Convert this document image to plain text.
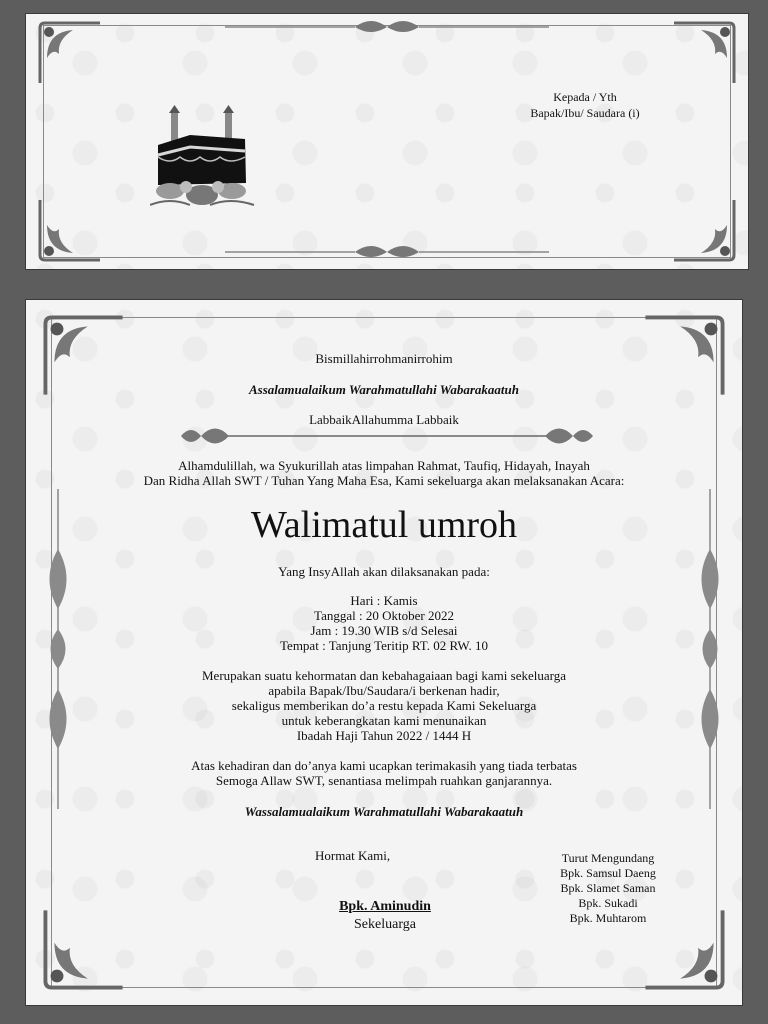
Kepada / Yth
Bapak/Ibu/ Saudara (i)
Bismillahirrohmanirrohim
Assalamualaikum Warahmatullahi Wabarakaatuh
LabbaikAllahumma Labbaik
Alhamdulillah, wa Syukurillah atas limpahan Rahmat, Taufiq, Hidayah, Inayah
Dan Ridha Allah SWT / Tuhan Yang Maha Esa, Kami sekeluarga akan melaksanakan Acara:
Walimatul umroh
Yang InsyAllah akan dilaksanakan pada:
Hari : Kamis
Tanggal : 20 Oktober 2022
Jam : 19.30 WIB s/d Selesai
Tempat : Tanjung Teritip RT. 02 RW. 10
Merupakan suatu kehormatan dan kebahagaiaan bagi kami sekeluarga
apabila Bapak/Ibu/Saudara/i berkenan hadir,
sekaligus memberikan do’a restu kepada Kami Sekeluarga
untuk keberangkatan kami menunaikan
Ibadah Haji Tahun 2022 / 1444 H
Atas kehadiran dan do’anya kami ucapkan terimakasih yang tiada terbatas
Semoga Allaw SWT, senantiasa melimpah ruahkan ganjarannya.
Wassalamualaikum Warahmatullahi Wabarakaatuh
Hormat Kami,
Bpk. Aminudin
Sekeluarga
Turut Mengundang
Bpk. Samsul Daeng
Bpk. Slamet Saman
Bpk. Sukadi
Bpk. Muhtarom
